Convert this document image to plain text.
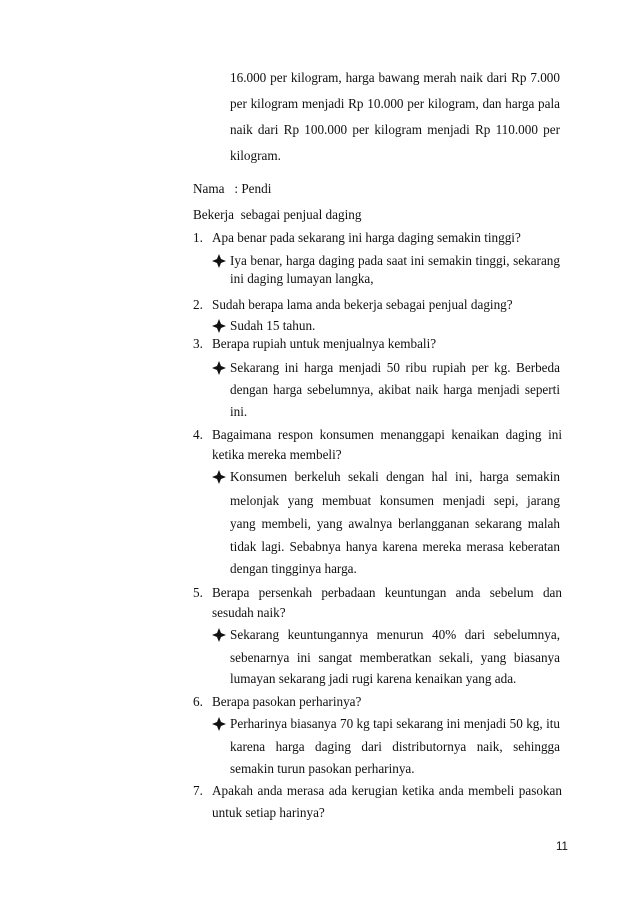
16.000 per kilogram, harga bawang merah naik dari Rp 7.000
per kilogram menjadi Rp 10.000 per kilogram, dan harga pala
naik dari Rp 100.000 per kilogram menjadi Rp 110.000 per
kilogram.
Nama   : Pendi
Bekerja  sebagai penjual daging
1. Apa benar pada sekarang ini harga daging semakin tinggi?
Iya benar, harga daging pada saat ini semakin tinggi, sekarang
ini daging lumayan langka,
2. Sudah berapa lama anda bekerja sebagai penjual daging?
Sudah 15 tahun.
3. Berapa rupiah untuk menjualnya kembali?
Sekarang ini harga menjadi 50 ribu rupiah per kg. Berbeda
dengan harga sebelumnya, akibat naik harga menjadi seperti
ini.
4. Bagaimana respon konsumen menanggapi kenaikan daging ini
ketika mereka membeli?
Konsumen berkeluh sekali dengan hal ini, harga semakin
melonjak yang membuat konsumen menjadi sepi, jarang
yang membeli, yang awalnya berlangganan sekarang malah
tidak lagi. Sebabnya hanya karena mereka merasa keberatan
dengan tingginya harga.
5. Berapa persenkah perbadaan keuntungan anda sebelum dan
sesudah naik?
Sekarang keuntungannya menurun 40% dari sebelumnya,
sebenarnya ini sangat memberatkan sekali, yang biasanya
lumayan sekarang jadi rugi karena kenaikan yang ada.
6. Berapa pasokan perharinya?
Perharinya biasanya 70 kg tapi sekarang ini menjadi 50 kg, itu
karena harga daging dari distributornya naik, sehingga
semakin turun pasokan perharinya.
7. Apakah anda merasa ada kerugian ketika anda membeli pasokan
untuk setiap harinya?
11
